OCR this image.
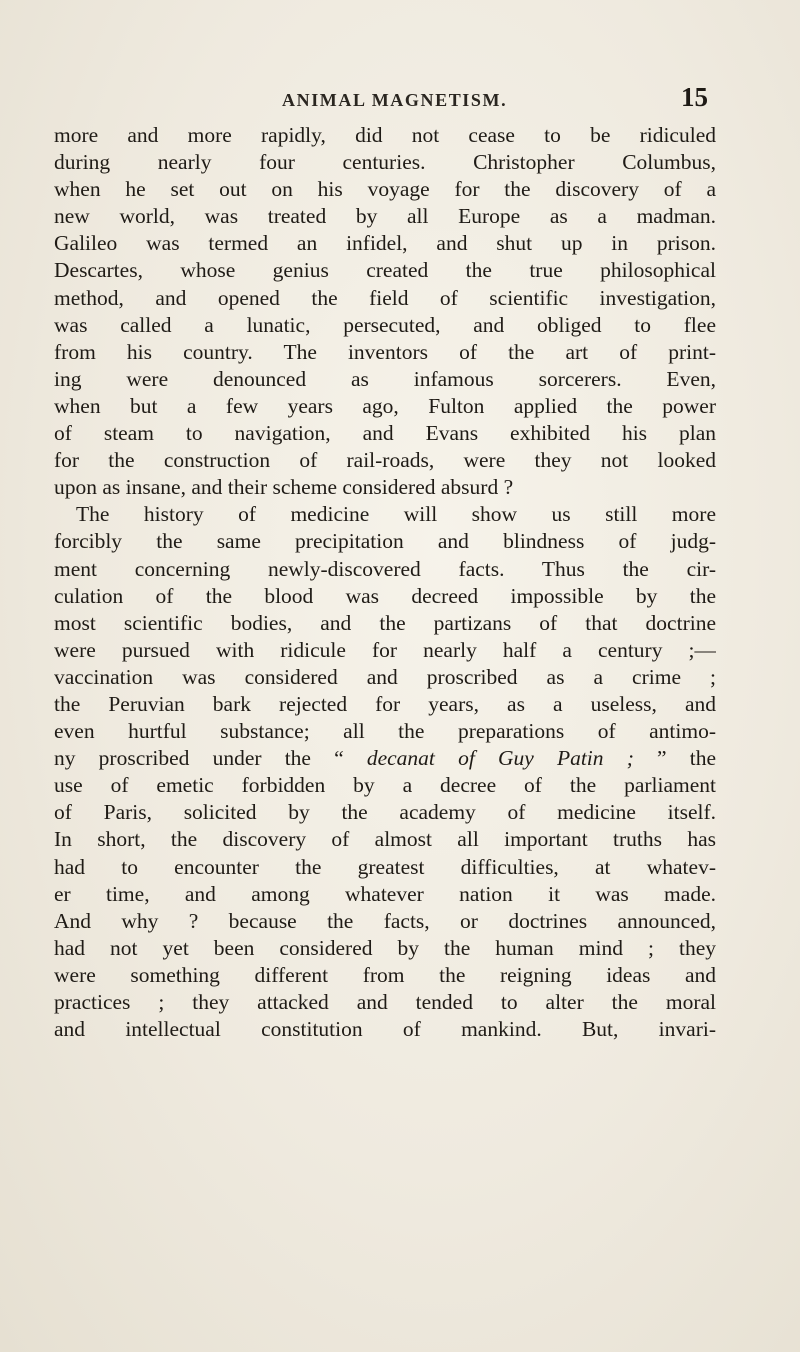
ANIMAL MAGNETISM.	15
more and more rapidly, did not cease to be ridiculed
during nearly four centuries. Christopher Columbus,
when he set out on his voyage for the discovery of a
new world, was treated by all Europe as a madman.
Galileo was termed an infidel, and shut up in prison.
Descartes, whose genius created the true philosophical
method, and opened the field of scientific investigation,
was called a lunatic, persecuted, and obliged to flee
from his country. The inventors of the art of print-
ing were denounced as infamous sorcerers. Even,
when but a few years ago, Fulton applied the power
of steam to navigation, and Evans exhibited his plan
for the construction of rail-roads, were they not looked
upon as insane, and their scheme considered absurd ?
The history of medicine will show us still more
forcibly the same precipitation and blindness of judg-
ment concerning newly-discovered facts. Thus the cir-
culation of the blood was decreed impossible by the
most scientific bodies, and the partizans of that doctrine
were pursued with ridicule for nearly half a century ;—
vaccination was considered and proscribed as a crime ;
the Peruvian bark rejected for years, as a useless, and
even hurtful substance; all the preparations of antimo-
ny proscribed under the “ decanat of Guy Patin ; ” the
use of emetic forbidden by a decree of the parliament
of Paris, solicited by the academy of medicine itself.
In short, the discovery of almost all important truths has
had to encounter the greatest difficulties, at whatev-
er time, and among whatever nation it was made.
And why ? because the facts, or doctrines announced,
had not yet been considered by the human mind ; they
were something different from the reigning ideas and
practices ; they attacked and tended to alter the moral
and intellectual constitution of mankind. But, invari-
